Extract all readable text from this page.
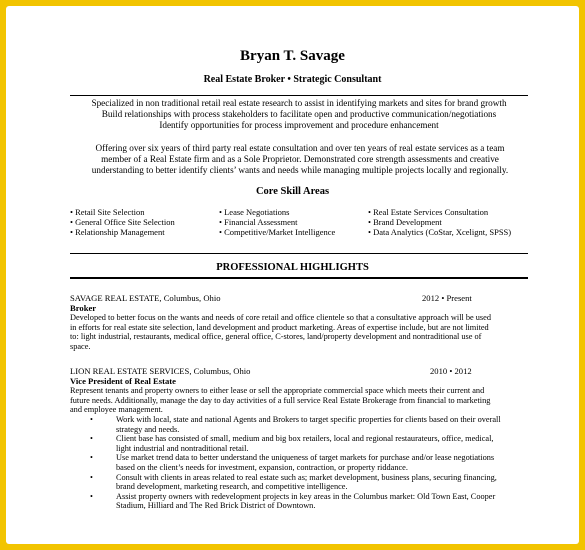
Bryan T. Savage
Real Estate Broker • Strategic Consultant
Specialized in non traditional retail real estate research to assist in identifying markets and sites for brand growth
Build relationships with process stakeholders to facilitate open and productive communication/negotiations
Identify opportunities for process improvement and procedure enhancement
Offering over six years of third party real estate consultation and over ten years of real estate services as a team
member of a Real Estate firm and as a Sole Proprietor. Demonstrated core strength assessments and creative
understanding to better identify clients’ wants and needs while managing multiple projects locally and regionally.
Core Skill Areas
• Retail Site Selection
• General Office Site Selection
• Relationship Management
• Lease Negotiations
• Financial Assessment
• Competitive/Market Intelligence
• Real Estate Services Consultation
• Brand Development
• Data Analytics (CoStar, Xcelignt, SPSS)
PROFESSIONAL HIGHLIGHTS
SAVAGE REAL ESTATE, Columbus, Ohio	2012 • Present
Broker
Developed to better focus on the wants and needs of core retail and office clientele so that a consultative approach will be used
in efforts for real estate site selection, land development and product marketing. Areas of expertise include, but are not limited
to: light industrial, restaurants, medical office, general office, C-stores, land/property development and nontraditional use of
space.
LION REAL ESTATE SERVICES, Columbus, Ohio	2010 • 2012
Vice President of Real Estate
Represent tenants and property owners to either lease or sell the appropriate commercial space which meets their current and
future needs. Additionally, manage the day to day activities of a full service Real Estate Brokerage from financial to marketing
and employee management.
•	Work with local, state and national Agents and Brokers to target specific properties for clients based on their overall
strategy and needs.
•	Client base has consisted of small, medium and big box retailers, local and regional restaurateurs, office, medical,
light industrial and nontraditional retail.
•	Use market trend data to better understand the uniqueness of target markets for purchase and/or lease negotiations
based on the client’s needs for investment, expansion, contraction, or property riddance.
•	Consult with clients in areas related to real estate such as; market development, business plans, securing financing,
brand development, marketing research, and competitive intelligence.
•	Assist property owners with redevelopment projects in key areas in the Columbus market: Old Town East, Cooper
Stadium, Hilliard and The Red Brick District of Downtown.
